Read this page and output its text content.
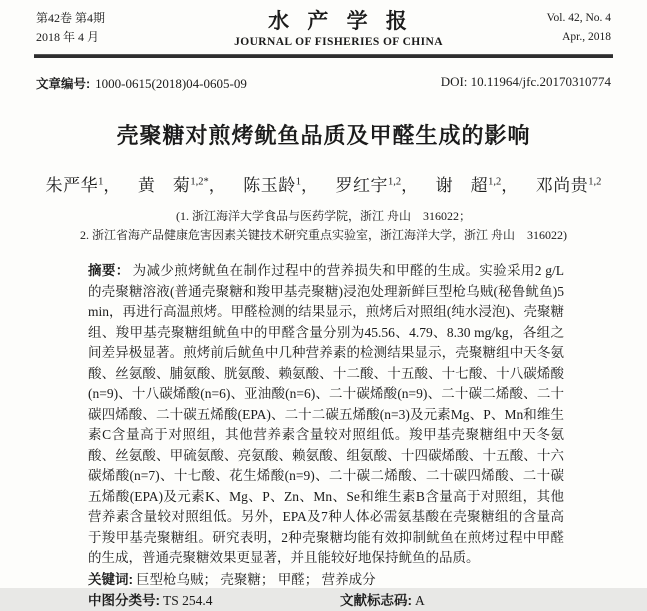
第42卷 第4期
2018 年 4 月
水 产 学 报
JOURNAL OF FISHERIES OF CHINA
Vol. 42, No. 4
Apr., 2018
文章编号: 1000-0615(2018)04-0605-09	DOI: 10.11964/jfc.20170310774
壳聚糖对煎烤鱿鱼品质及甲醛生成的影响
朱严华$^1$， 黄　菊$^{1,2*}$， 陈玉龄$^1$， 罗红宇$^{1,2}$， 谢　超$^{1,2}$， 邓尚贵$^{1,2}$
(1. 浙江海洋大学食品与医药学院，浙江 舟山　316022；
2. 浙江省海产品健康危害因素关键技术研究重点实验室，浙江海洋大学，浙江 舟山　316022)
摘要： 为减少煎烤鱿鱼在制作过程中的营养损失和甲醛的生成。实验采用2 g/L的壳聚糖溶液(普通壳聚糖和羧甲基壳聚糖)浸泡处理新鲜巨型枪乌贼(秘鲁鱿鱼)5 min，再进行高温煎烤。甲醛检测的结果显示，煎烤后对照组(纯水浸泡)、壳聚糖组、羧甲基壳聚糖组鱿鱼中的甲醛含量分别为45.56、4.79、8.30 mg/kg，各组之间差异极显著。煎烤前后鱿鱼中几种营养素的检测结果显示，壳聚糖组中天冬氨酸、丝氨酸、脯氨酸、胱氨酸、赖氨酸、十二酸、十五酸、十七酸、十八碳烯酸(n=9)、十八碳烯酸(n=6)、亚油酸(n=6)、二十碳烯酸(n=9)、二十碳二烯酸、二十碳四烯酸、二十碳五烯酸(EPA)、二十二碳五烯酸(n=3)及元素Mg、P、Mn和维生素C含量高于对照组，其他营养素含量较对照组低。羧甲基壳聚糖组中天冬氨酸、丝氨酸、甲硫氨酸、亮氨酸、赖氨酸、组氨酸、十四碳烯酸、十五酸、十六碳烯酸(n=7)、十七酸、花生烯酸(n=9)、二十碳二烯酸、二十碳四烯酸、二十碳五烯酸(EPA)及元素K、Mg、P、Zn、Mn、Se和维生素B含量高于对照组，其他营养素含量较对照组低。另外，EPA及7种人体必需氨基酸在壳聚糖组的含量高于羧甲基壳聚糖组。研究表明，2种壳聚糖均能有效抑制鱿鱼在煎烤过程中甲醛的生成，普通壳聚糖效果更显著，并且能较好地保持鱿鱼的品质。
关键词: 巨型枪乌贼； 壳聚糖； 甲醛； 营养成分
中图分类号: TS 254.4	文献标志码: A
